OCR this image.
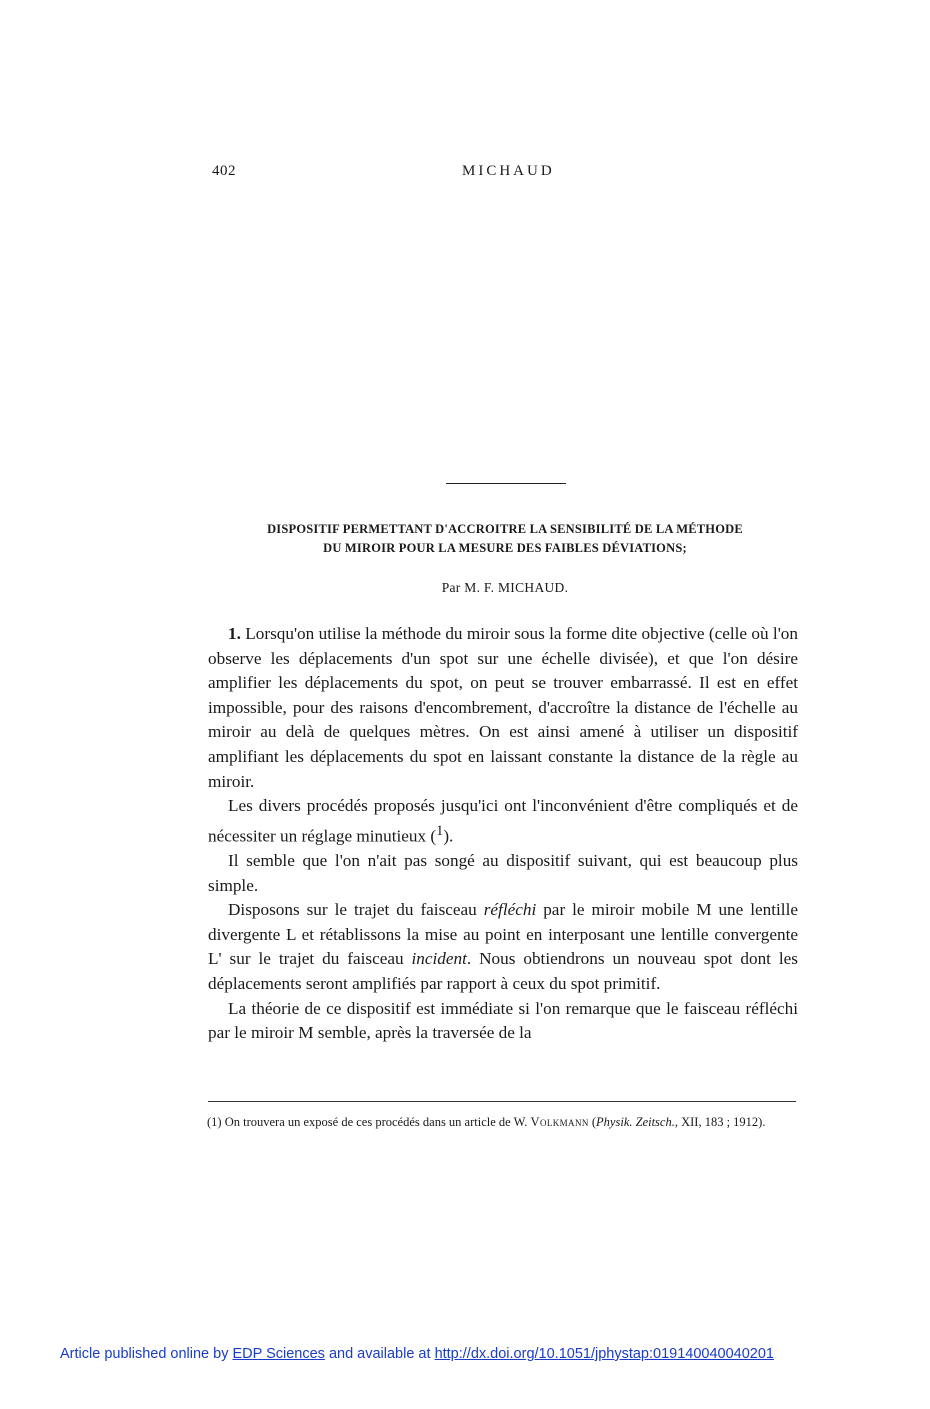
402	MICHAUD
DISPOSITIF PERMETTANT D'ACCROITRE LA SENSIBILITÉ DE LA MÉTHODE
DU MIROIR POUR LA MESURE DES FAIBLES DÉVIATIONS;
Par M. F. MICHAUD.

1. Lorsqu'on utilise la méthode du miroir sous la forme dite objective (celle où l'on observe les déplacements d'un spot sur une échelle divisée), et que l'on désire amplifier les déplacements du spot, on peut se trouver embarrassé. Il est en effet impossible, pour des raisons d'encombrement, d'accroître la distance de l'échelle au miroir au delà de quelques mètres. On est ainsi amené à utiliser un dispositif amplifiant les déplacements du spot en laissant constante la distance de la règle au miroir.

Les divers procédés proposés jusqu'ici ont l'inconvénient d'être compliqués et de nécessiter un réglage minutieux ($^1$).

Il semble que l'on n'ait pas songé au dispositif suivant, qui est beaucoup plus simple.

Disposons sur le trajet du faisceau réfléchi par le miroir mobile M une lentille divergente L et rétablissons la mise au point en interposant une lentille convergente L' sur le trajet du faisceau incident. Nous obtiendrons un nouveau spot dont les déplacements seront amplifiés par rapport à ceux du spot primitif.

La théorie de ce dispositif est immédiate si l'on remarque que le faisceau réfléchi par le miroir M semble, après la traversée de la

(1) On trouvera un exposé de ces procédés dans un article de W. Volkmann (Physik. Zeitsch., XII, 183 ; 1912).
Article published online by EDP Sciences and available at http://dx.doi.org/10.1051/jphystap:019140040040201
